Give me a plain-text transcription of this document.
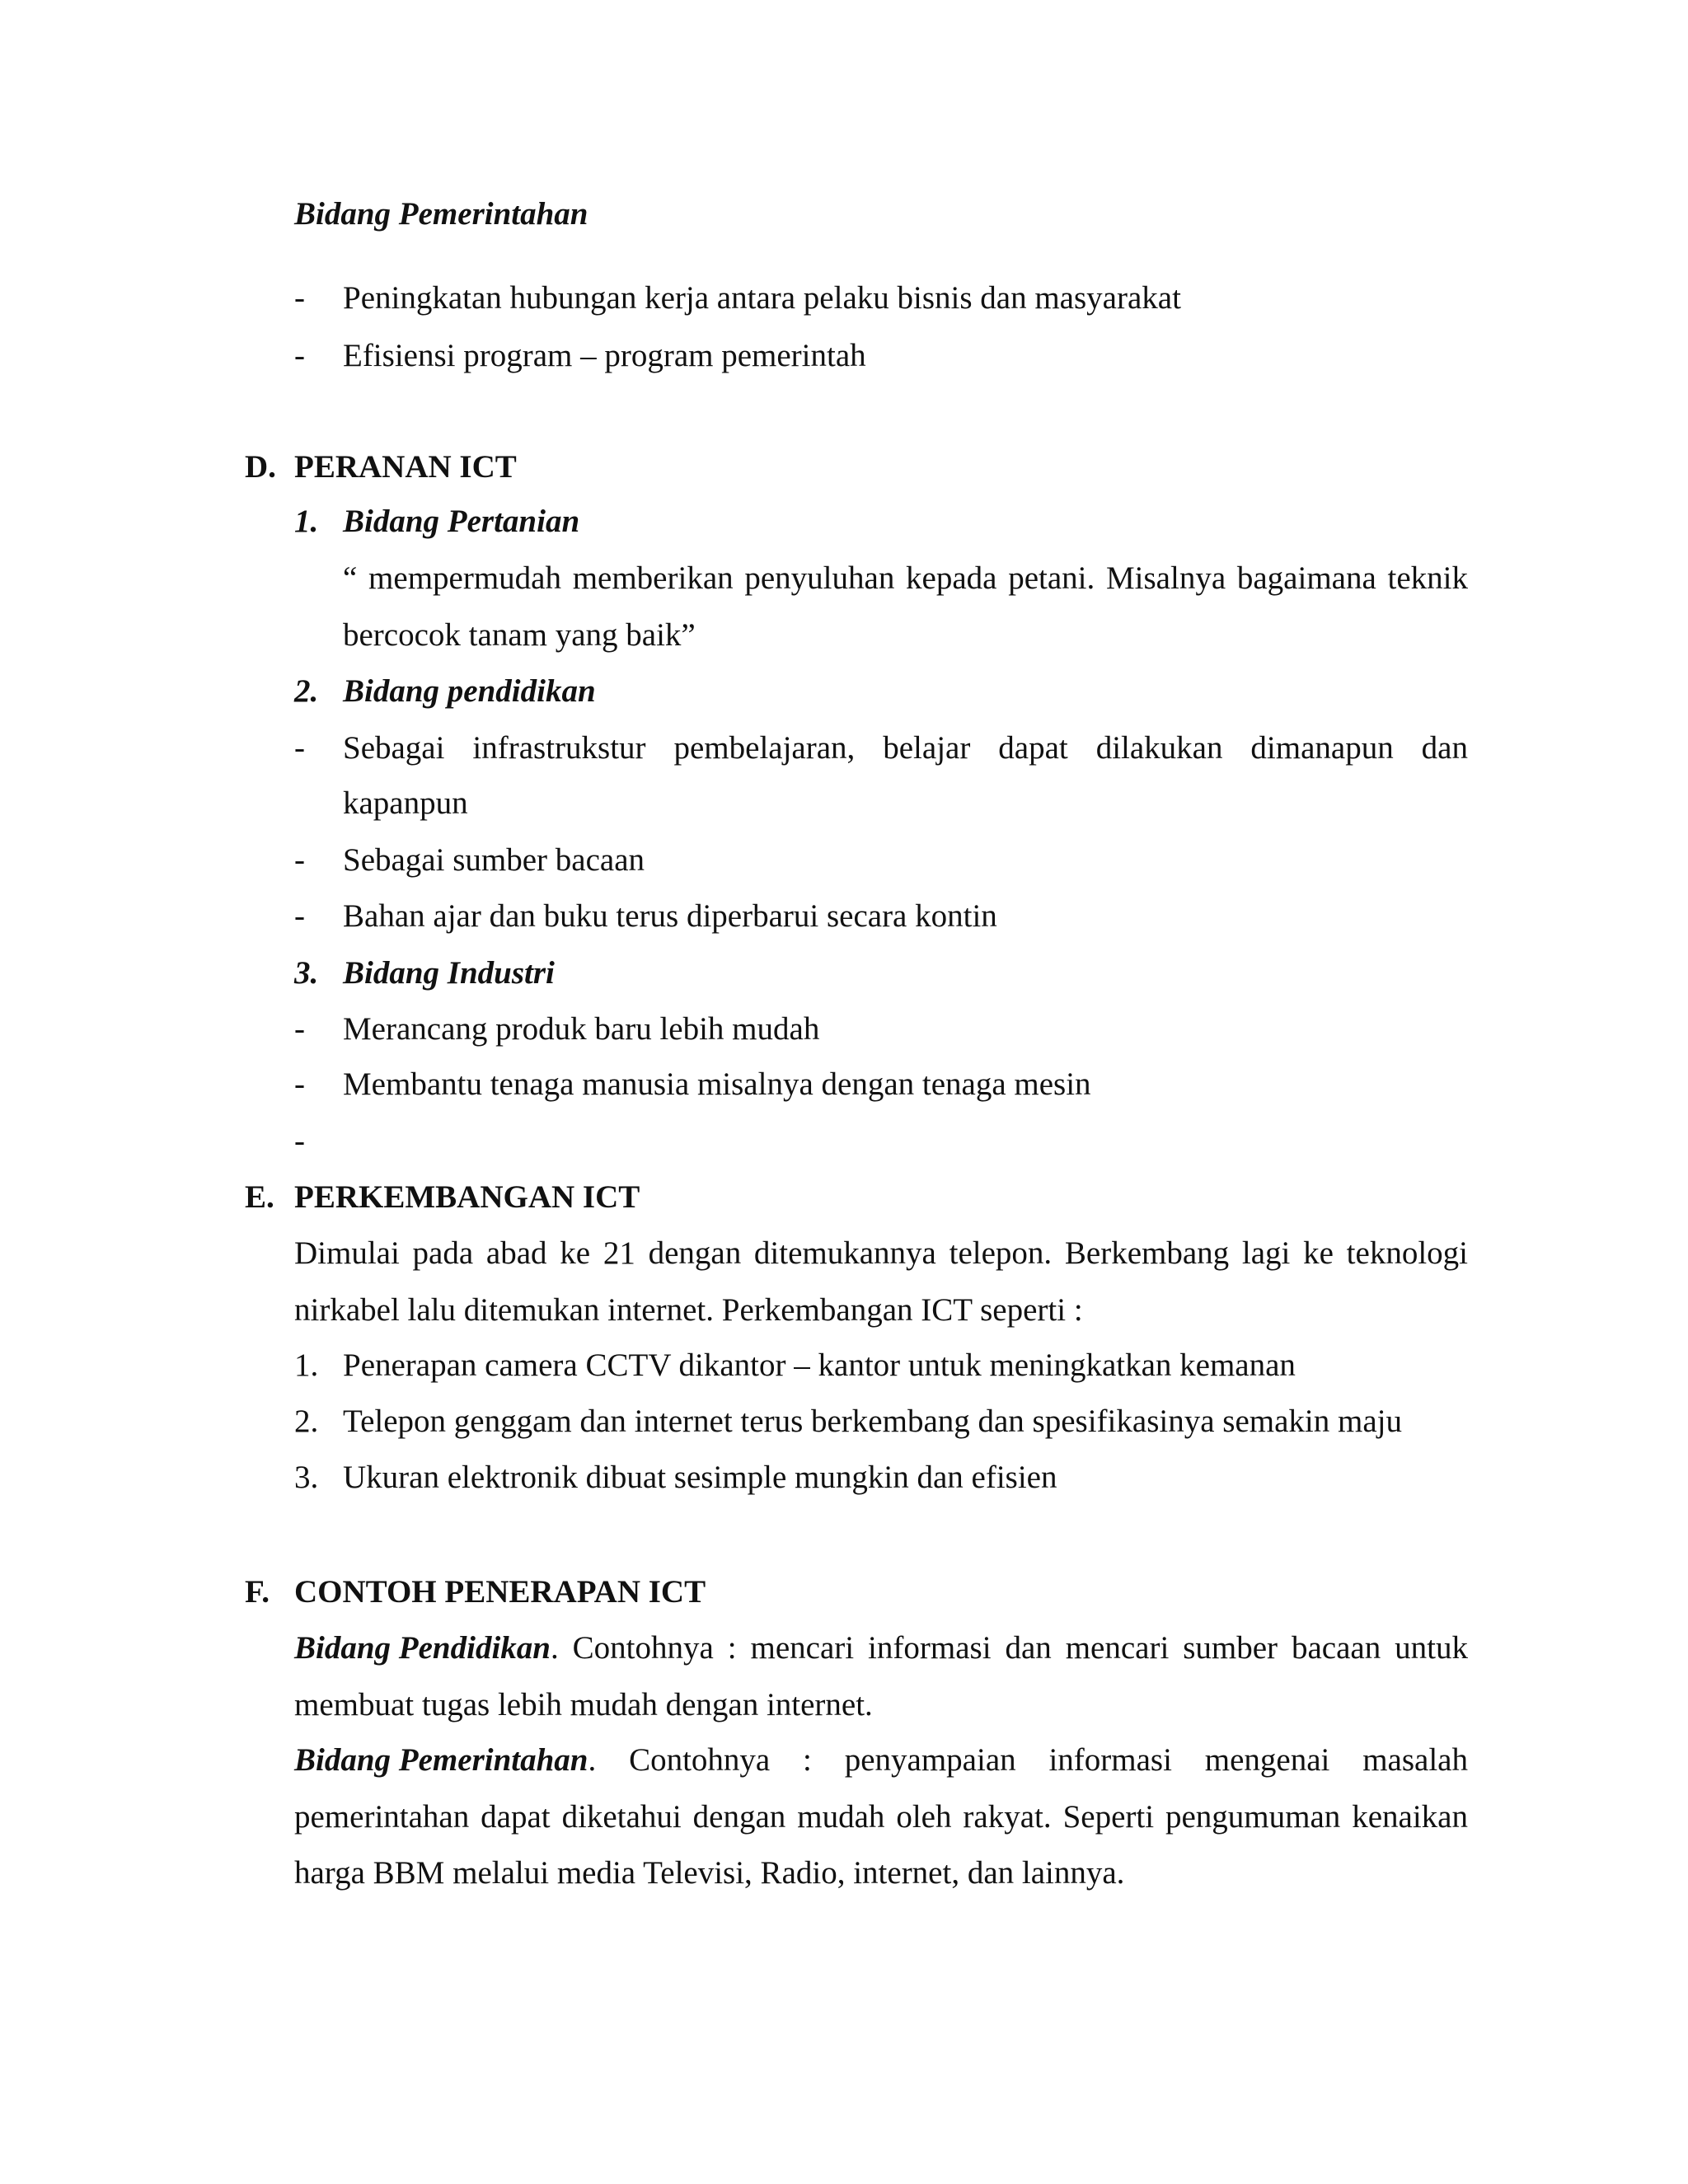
Bidang Pemerintahan
- Peningkatan hubungan kerja antara pelaku bisnis dan masyarakat
- Efisiensi program – program pemerintah
D. PERANAN ICT
1. Bidang Pertanian
“ mempermudah memberikan penyuluhan kepada petani. Misalnya bagaimana teknik
bercocok tanam yang baik”
2. Bidang pendidikan
- Sebagai infrastrukstur pembelajaran, belajar dapat dilakukan dimanapun dan
kapanpun
- Sebagai sumber bacaan
- Bahan ajar dan buku terus diperbarui secara kontin
3. Bidang Industri
- Merancang produk baru lebih mudah
- Membantu tenaga manusia misalnya dengan tenaga mesin
-
E. PERKEMBANGAN ICT
Dimulai pada abad ke 21 dengan ditemukannya telepon. Berkembang lagi ke teknologi
nirkabel lalu ditemukan internet. Perkembangan ICT seperti :
1. Penerapan camera CCTV dikantor – kantor untuk meningkatkan kemanan
2. Telepon genggam dan internet terus berkembang dan spesifikasinya semakin maju
3. Ukuran elektronik dibuat sesimple mungkin dan efisien
F. CONTOH PENERAPAN ICT
Bidang Pendidikan . Contohnya : mencari informasi dan mencari sumber bacaan untuk
membuat tugas lebih mudah dengan internet.
Bidang Pemerintahan . Contohnya : penyampaian informasi mengenai masalah
pemerintahan dapat diketahui dengan mudah oleh rakyat. Seperti pengumuman kenaikan
harga BBM melalui media Televisi, Radio, internet, dan lainnya.
